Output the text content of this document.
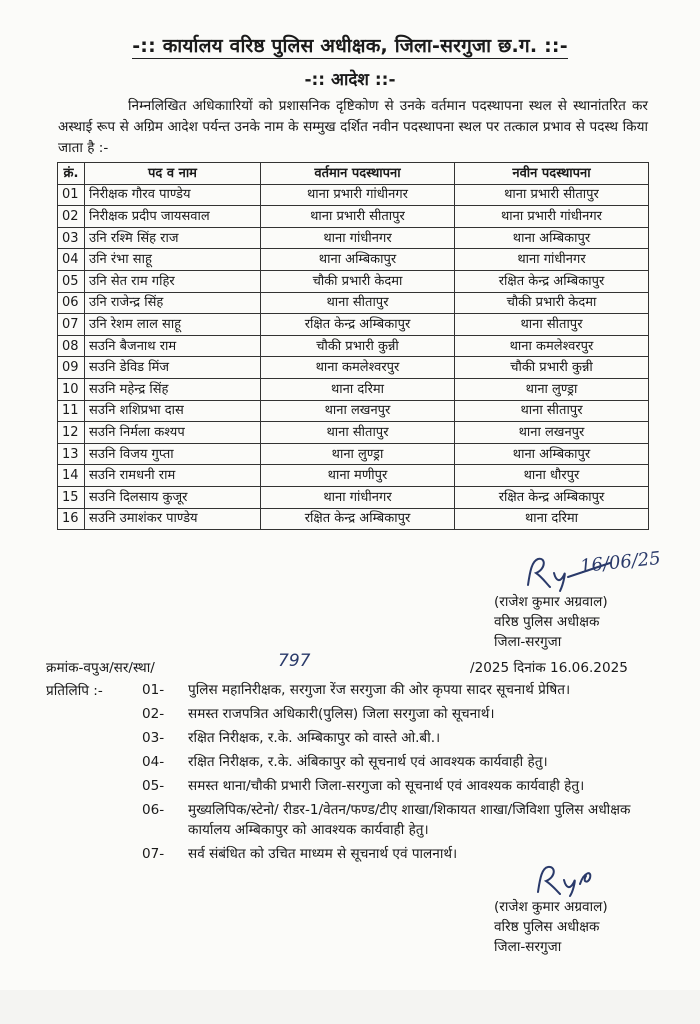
-:: कार्यालय वरिष्ठ पुलिस अधीक्षक, जिला-सरगुजा छ.ग. ::-
-:: आदेश ::-
निम्नलिखित अधिकाारियों को प्रशासनिक दृष्टिकोण से उनके वर्तमान पदस्थापना स्थल से स्थानांतरित कर अस्थाई रूप से अग्रिम आदेश पर्यन्त उनके नाम के सम्मुख दर्शित नवीन पदस्थापना स्थल पर तत्काल प्रभाव से पदस्थ किया जाता है :-
क्रं.	पद व नाम	वर्तमान पदस्थापना	नवीन पदस्थापना
01	निरीक्षक गौरव पाण्डेय	थाना प्रभारी गांधीनगर	थाना प्रभारी सीतापुर
02	निरीक्षक प्रदीप जायसवाल	थाना प्रभारी सीतापुर	थाना प्रभारी गांधीनगर
03	उनि रश्मि सिंह राज	थाना गांधीनगर	थाना अम्बिकापुर
04	उनि रंभा साहू	थाना अम्बिकापुर	थाना गांधीनगर
05	उनि सेत राम गहिर	चौकी प्रभारी केदमा	रक्षित केन्द्र अम्बिकापुर
06	उनि राजेन्द्र सिंह	थाना सीतापुर	चौकी प्रभारी केदमा
07	उनि रेशम लाल साहू	रक्षित केन्द्र अम्बिकापुर	थाना सीतापुर
08	सउनि बैजनाथ राम	चौकी प्रभारी कुन्नी	थाना कमलेश्वरपुर
09	सउनि डेविड मिंज	थाना कमलेश्वरपुर	चौकी प्रभारी कुन्नी
10	सउनि महेन्द्र सिंह	थाना दरिमा	थाना लुण्ड्रा
11	सउनि शशिप्रभा दास	थाना लखनपुर	थाना सीतापुर
12	सउनि निर्मला कश्यप	थाना सीतापुर	थाना लखनपुर
13	सउनि विजय गुप्ता	थाना लुण्ड्रा	थाना अम्बिकापुर
14	सउनि रामधनी राम	थाना मणीपुर	थाना धौरपुर
15	सउनि दिलसाय कुजूर	थाना गांधीनगर	रक्षित केन्द्र अम्बिकापुर
16	सउनि उमाशंकर पाण्डेय	रक्षित केन्द्र अम्बिकापुर	थाना दरिमा
16/06/25
(राजेश कुमार अग्रवाल)
वरिष्ठ पुलिस अधीक्षक
जिला-सरगुजा
क्रमांक-वपुअ/सर/स्था/	797	/2025 दिनांक 16.06.2025
प्रतिलिपि :-	01- पुलिस महानिरीक्षक, सरगुजा रेंज सरगुजा की ओर कृपया सादर सूचनार्थ प्रेषित।
02- समस्त राजपत्रित अधिकारी(पुलिस) जिला सरगुजा को सूचनार्थ।
03- रक्षित निरीक्षक, र.के. अम्बिकापुर को वास्ते ओ.बी.।
04- रक्षित निरीक्षक, र.के. अंबिकापुर को सूचनार्थ एवं आवश्यक कार्यवाही हेतु।
05- समस्त थाना/चौकी प्रभारी जिला-सरगुजा को सूचनार्थ एवं आवश्यक कार्यवाही हेतु।
06- मुख्यलिपिक/स्टेनो/ रीडर-1/वेतन/फण्ड/टीए शाखा/शिकायत शाखा/जिविशा पुलिस अधीक्षक कार्यालय अम्बिकापुर को आवश्यक कार्यवाही हेतु।
07- सर्व संबंधित को उचित माध्यम से सूचनार्थ एवं पालनार्थ।
(राजेश कुमार अग्रवाल)
वरिष्ठ पुलिस अधीक्षक
जिला-सरगुजा
